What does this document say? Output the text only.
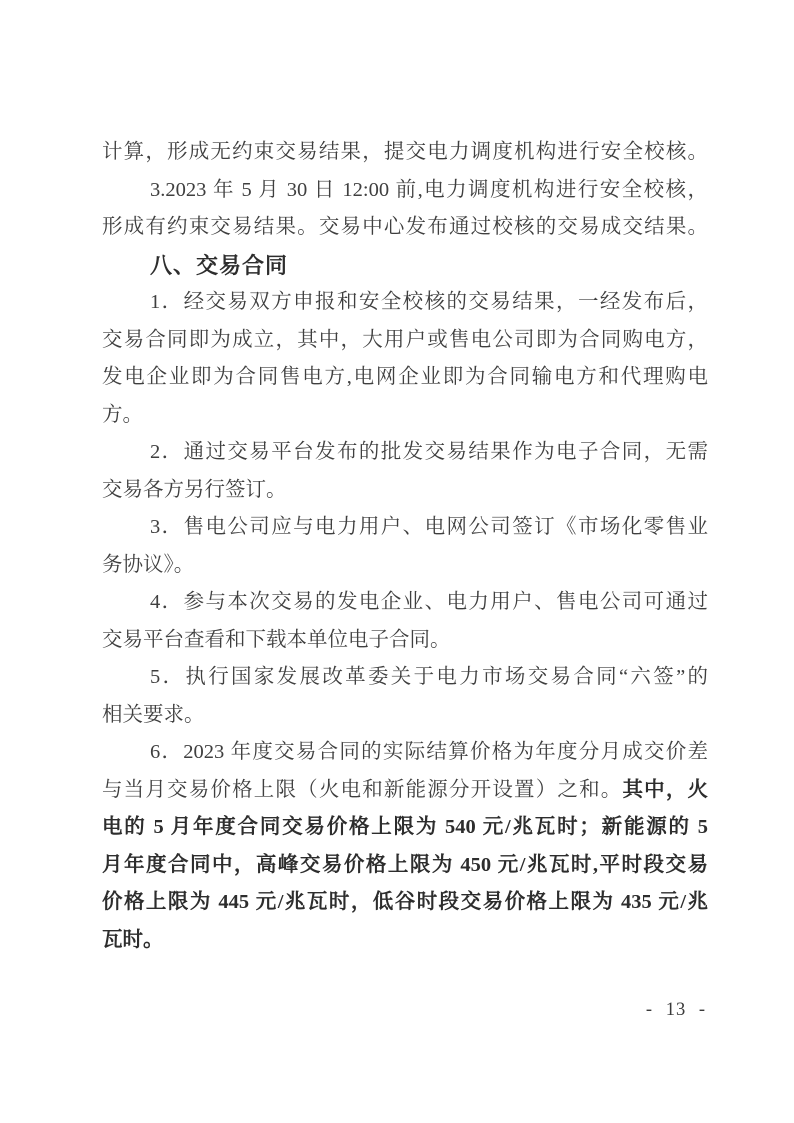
计算，形成无约束交易结果，提交电力调度机构进行安全校核。
3.2023 年 5 月 30 日 12:00 前,电力调度机构进行安全校核，
形成有约束交易结果。交易中心发布通过校核的交易成交结果。
八、交易合同
1．经交易双方申报和安全校核的交易结果，一经发布后，
交易合同即为成立，其中，大用户或售电公司即为合同购电方，
发电企业即为合同售电方,电网企业即为合同输电方和代理购电
方。
2．通过交易平台发布的批发交易结果作为电子合同，无需
交易各方另行签订。
3．售电公司应与电力用户、电网公司签订《市场化零售业
务协议》。
4．参与本次交易的发电企业、电力用户、售电公司可通过
交易平台查看和下载本单位电子合同。
5．执行国家发展改革委关于电力市场交易合同“六签”的
相关要求。
6．2023 年度交易合同的实际结算价格为年度分月成交价差
与当月交易价格上限（火电和新能源分开设置）之和。其中，火
电的 5 月年度合同交易价格上限为 540 元/兆瓦时；新能源的 5
月年度合同中，高峰交易价格上限为 450 元/兆瓦时,平时段交易
价格上限为 445 元/兆瓦时，低谷时段交易价格上限为 435 元/兆
瓦时。
- 13 -
